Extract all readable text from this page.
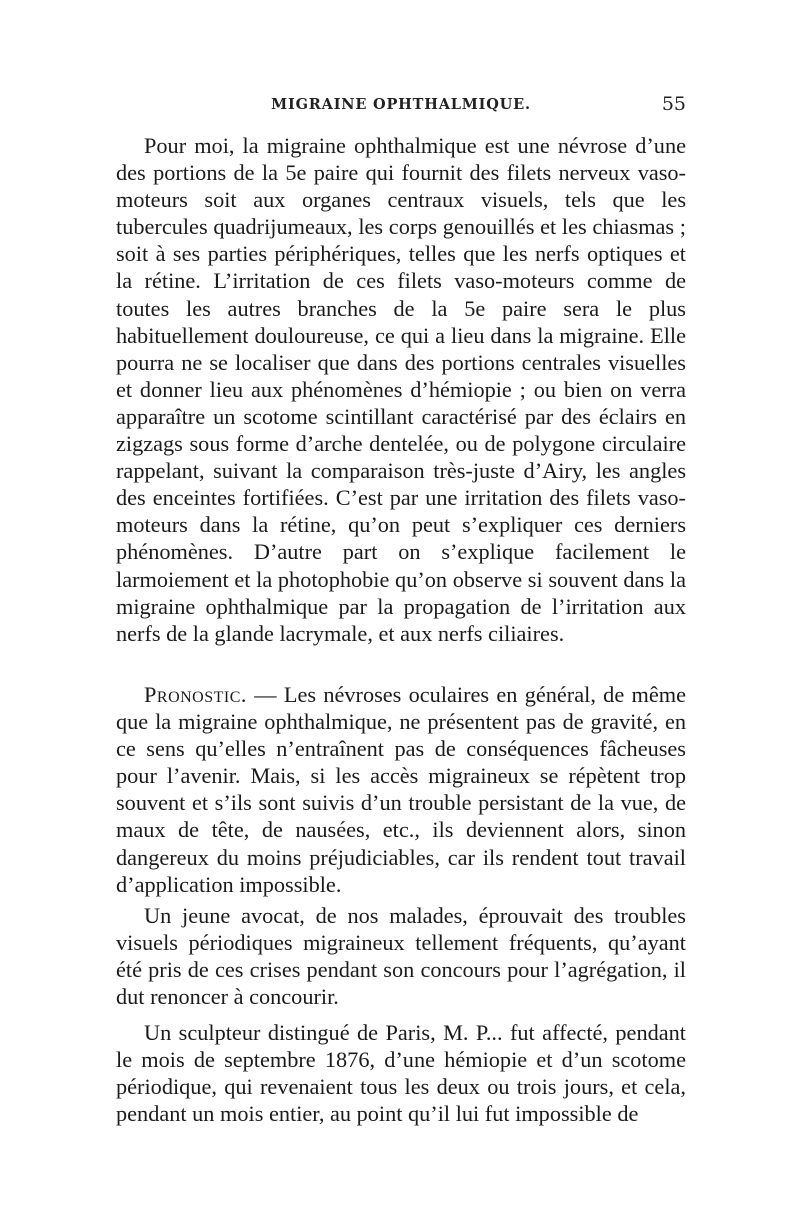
MIGRAINE OPHTHALMIQUE.	55

Pour moi, la migraine ophthalmique est une névrose d’une des portions de la 5e paire qui fournit des filets nerveux vaso-moteurs soit aux organes centraux visuels, tels que les tubercules quadrijumeaux, les corps genouillés et les chiasmas ; soit à ses parties périphériques, telles que les nerfs optiques et la rétine. L’irritation de ces filets vaso-moteurs comme de toutes les autres branches de la 5e paire sera le plus habituellement douloureuse, ce qui a lieu dans la migraine. Elle pourra ne se localiser que dans des portions centrales visuelles et donner lieu aux phénomènes d’hémiopie ; ou bien on verra apparaître un scotome scintillant caractérisé par des éclairs en zigzags sous forme d’arche dentelée, ou de polygone circulaire rappelant, suivant la comparaison très-juste d’Airy, les angles des enceintes fortifiées. C’est par une irritation des filets vaso-moteurs dans la rétine, qu’on peut s’expliquer ces derniers phénomènes. D’autre part on s’explique facilement le larmoiement et la photophobie qu’on observe si souvent dans la migraine ophthalmique par la propagation de l’irritation aux nerfs de la glande lacrymale, et aux nerfs ciliaires.

Pronostic. — Les névroses oculaires en général, de même que la migraine ophthalmique, ne présentent pas de gravité, en ce sens qu’elles n’entraînent pas de conséquences fâcheuses pour l’avenir. Mais, si les accès migraineux se répètent trop souvent et s’ils sont suivis d’un trouble persistant de la vue, de maux de tête, de nausées, etc., ils deviennent alors, sinon dangereux du moins préjudiciables, car ils rendent tout travail d’application impossible.

Un jeune avocat, de nos malades, éprouvait des troubles visuels périodiques migraineux tellement fréquents, qu’ayant été pris de ces crises pendant son concours pour l’agrégation, il dut renoncer à concourir.

Un sculpteur distingué de Paris, M. P... fut affecté, pendant le mois de septembre 1876, d’une hémiopie et d’un scotome périodique, qui revenaient tous les deux ou trois jours, et cela, pendant un mois entier, au point qu’il lui fut impossible de
